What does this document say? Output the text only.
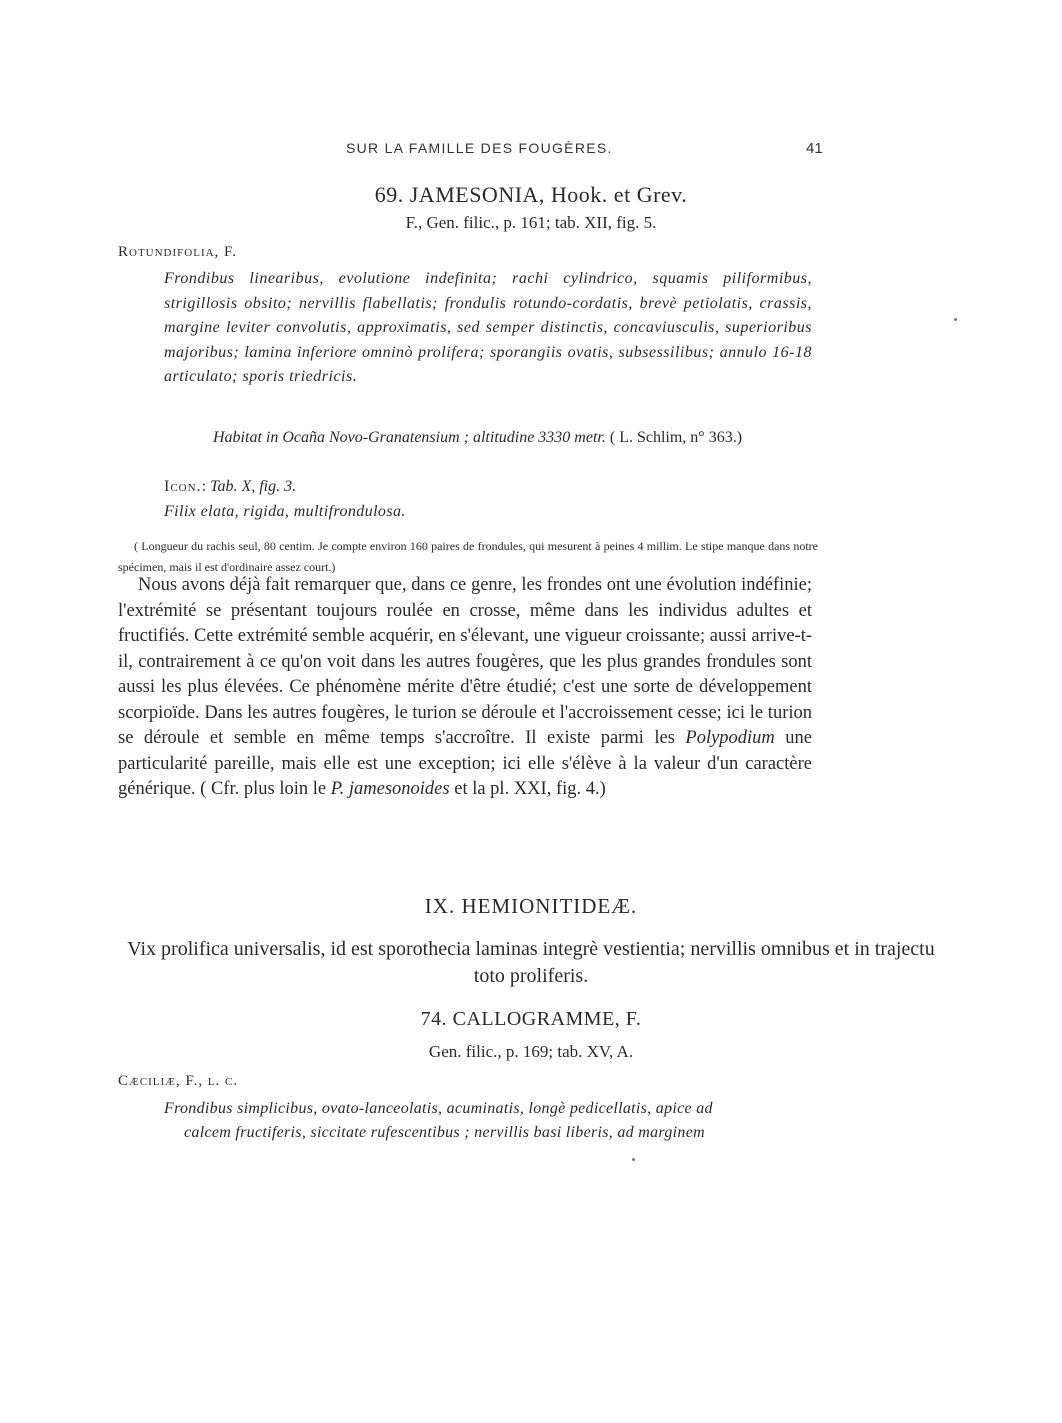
SUR LA FAMILLE DES FOUGÈRES.	41
69. JAMESONIA, Hook. et Grev.
F., Gen. filic., p. 161; tab. XII, fig. 5.
Rotundifolia, F.
Frondibus linearibus, evolutione indefinita; rachi cylindrico, squamis piliformibus, strigillosis obsito; nervillis flabellatis; frondulis rotundo-cordatis, brevè petiolatis, crassis, margine leviter convolutis, approximatis, sed semper distinctis, concaviusculis, superioribus majoribus; lamina inferiore omninò prolifera; sporangiis ovatis, subsessilibus; annulo 16-18 articulato; sporis triedricis.
Habitat in Ocaña Novo-Granatensium ; altitudine 3330 metr. ( L. Schlim, n° 363.)
Icon.: Tab. X, fig. 3.
Filix elata, rigida, multifrondulosa.
( Longueur du rachis seul, 80 centim. Je compte environ 160 paires de frondules, qui mesurent à peines 4 millim. Le stipe manque dans notre spécimen, mais il est d'ordinaire assez court.)
Nous avons déjà fait remarquer que, dans ce genre, les frondes ont une évolution indéfinie; l'extrémité se présentant toujours roulée en crosse, même dans les individus adultes et fructifiés. Cette extrémité semble acquérir, en s'élevant, une vigueur croissante; aussi arrive-t-il, contrairement à ce qu'on voit dans les autres fougères, que les plus grandes frondules sont aussi les plus élevées. Ce phénomène mérite d'être étudié; c'est une sorte de développement scorpioïde. Dans les autres fougères, le turion se déroule et l'accroissement cesse; ici le turion se déroule et semble en même temps s'accroître. Il existe parmi les Polypodium une particularité pareille, mais elle est une exception; ici elle s'élève à la valeur d'un caractère générique. ( Cfr. plus loin le P. jamesonoides et la pl. XXI, fig. 4.)
IX. HEMIONITIDEÆ.
Vix prolifica universalis, id est sporothecia laminas integrè vestientia; nervillis omnibus et in trajectu toto proliferis.
74. CALLOGRAMME, F.
Gen. filic., p. 169; tab. XV, A.
Cæciliæ, F., l. c.
Frondibus simplicibus, ovato-lanceolatis, acuminatis, longè pedicellatis, apice ad
calcem fructiferis, siccitate rufescentibus ; nervillis basi liberis, ad marginem
